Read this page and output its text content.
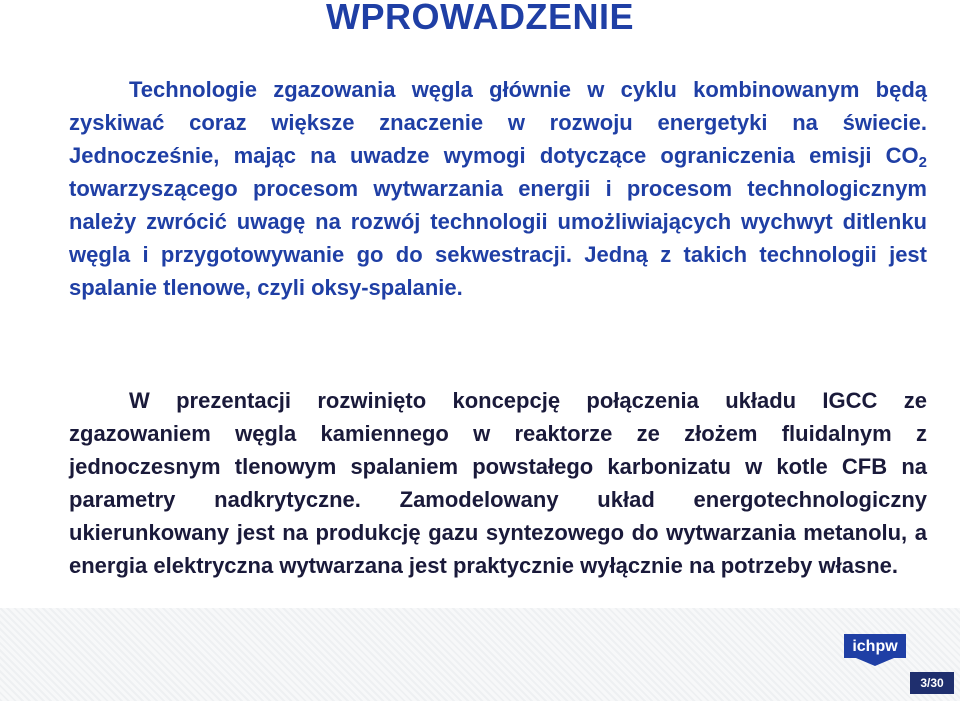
WPROWADZENIE

Technologie zgazowania węgla głównie w cyklu kombinowanym będą zyskiwać coraz większe znaczenie w rozwoju energetyki na świecie. Jednocześnie, mając na uwadze wymogi dotyczące ograniczenia emisji $CO_2$ towarzyszącego procesom wytwarzania energii i procesom technologicznym należy zwrócić uwagę na rozwój technologii umożliwiających wychwyt ditlenku węgla i przygotowywanie go do sekwestracji. Jedną z takich technologii jest spalanie tlenowe, czyli oksy-spalanie.

W prezentacji rozwinięto koncepcję połączenia układu IGCC ze zgazowaniem węgla kamiennego w reaktorze ze złożem fluidalnym z jednoczesnym tlenowym spalaniem powstałego karbonizatu w kotle CFB na parametry nadkrytyczne. Zamodelowany układ energotechnologiczny ukierunkowany jest na produkcję gazu syntezowego do wytwarzania metanolu, a energia elektryczna wytwarzana jest praktycznie wyłącznie na potrzeby własne.

ichpw
3/30
